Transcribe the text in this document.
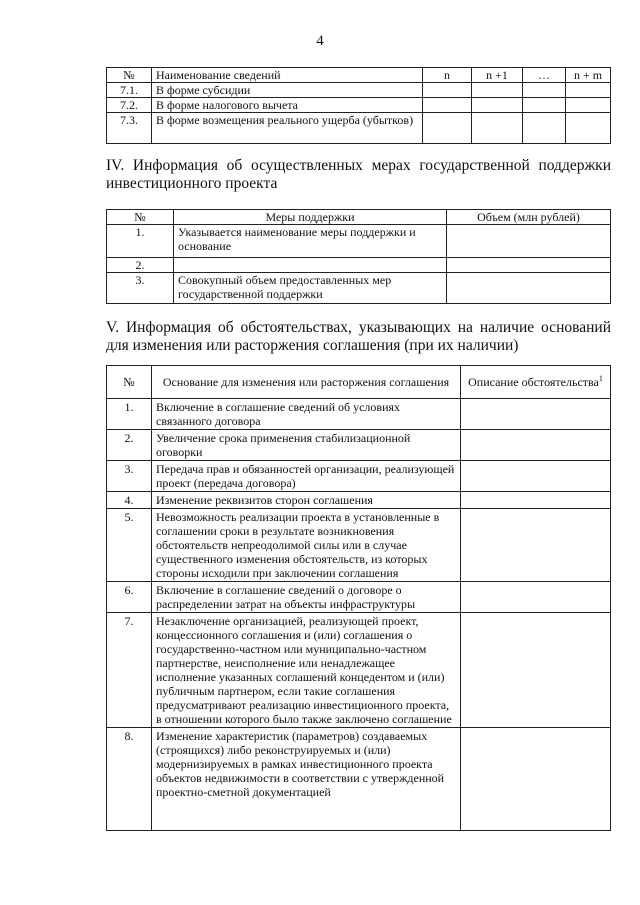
4
№	Наименование сведений	n	n +1	…	n + m
7.1.	В форме субсидии				
7.2.	В форме налогового вычета				
7.3.	В форме возмещения реального ущерба (убытков)				
IV. Информация об осуществленных мерах государственной поддержки
инвестиционного проекта
№	Меры поддержки	Объем (млн рублей)
1.	Указывается наименование меры поддержки и основание	
2.		
3.	Совокупный объем предоставленных мер государственной поддержки	
V. Информация об обстоятельствах, указывающих на наличие оснований
для изменения или расторжения соглашения (при их наличии)
№	Основание для изменения или расторжения соглашения	Описание обстоятельства$^1$
1.	Включение в соглашение сведений об условиях связанного договора	
2.	Увеличение срока применения стабилизационной оговорки	
3.	Передача прав и обязанностей организации, реализующей проект (передача договора)	
4.	Изменение реквизитов сторон соглашения	
5.	Невозможность реализации проекта в установленные в соглашении сроки в результате возникновения обстоятельств непреодолимой силы или в случае существенного изменения обстоятельств, из которых стороны исходили при заключении соглашения	
6.	Включение в соглашение сведений о договоре о распределении затрат на объекты инфраструктуры	
7.	Незаключение организацией, реализующей проект, концессионного соглашения и (или) соглашения о государственно-частном или муниципально-частном партнерстве, неисполнение или ненадлежащее исполнение указанных соглашений концедентом и (или) публичным партнером, если такие соглашения предусматривают реализацию инвестиционного проекта, в отношении которого было также заключено соглашение	
8.	Изменение характеристик (параметров) создаваемых (строящихся) либо реконструируемых и (или) модернизируемых в рамках инвестиционного проекта объектов недвижимости в соответствии с утвержденной проектно-сметной документацией	
